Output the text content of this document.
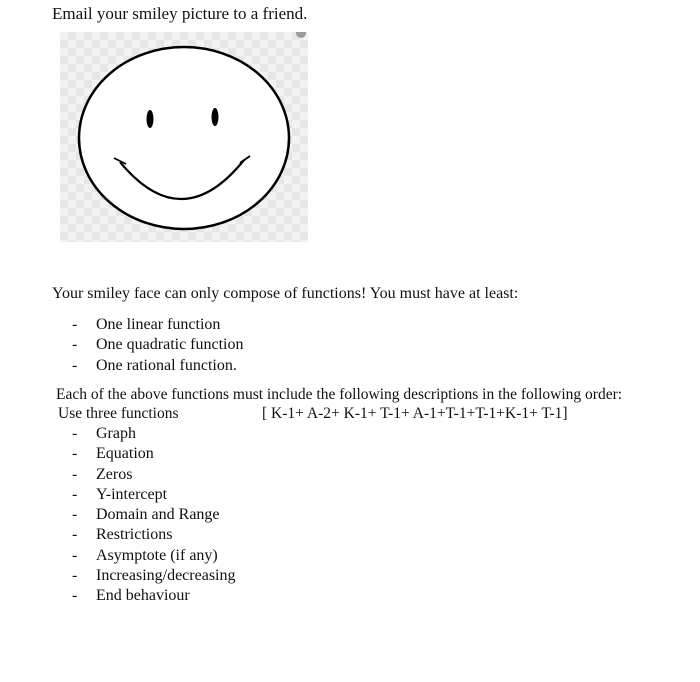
Email your smiley picture to a friend.
Your smiley face can only compose of functions! You must have at least:
- One linear function
- One quadratic function
- One rational function.
Each of the above functions must include the following descriptions in the following order:
Use three functions	[ K-1+ A-2+ K-1+ T-1+ A-1+T-1+T-1+K-1+ T-1]
- Graph
- Equation
- Zeros
- Y-intercept
- Domain and Range
- Restrictions
- Asymptote (if any)
- Increasing/decreasing
- End behaviour
